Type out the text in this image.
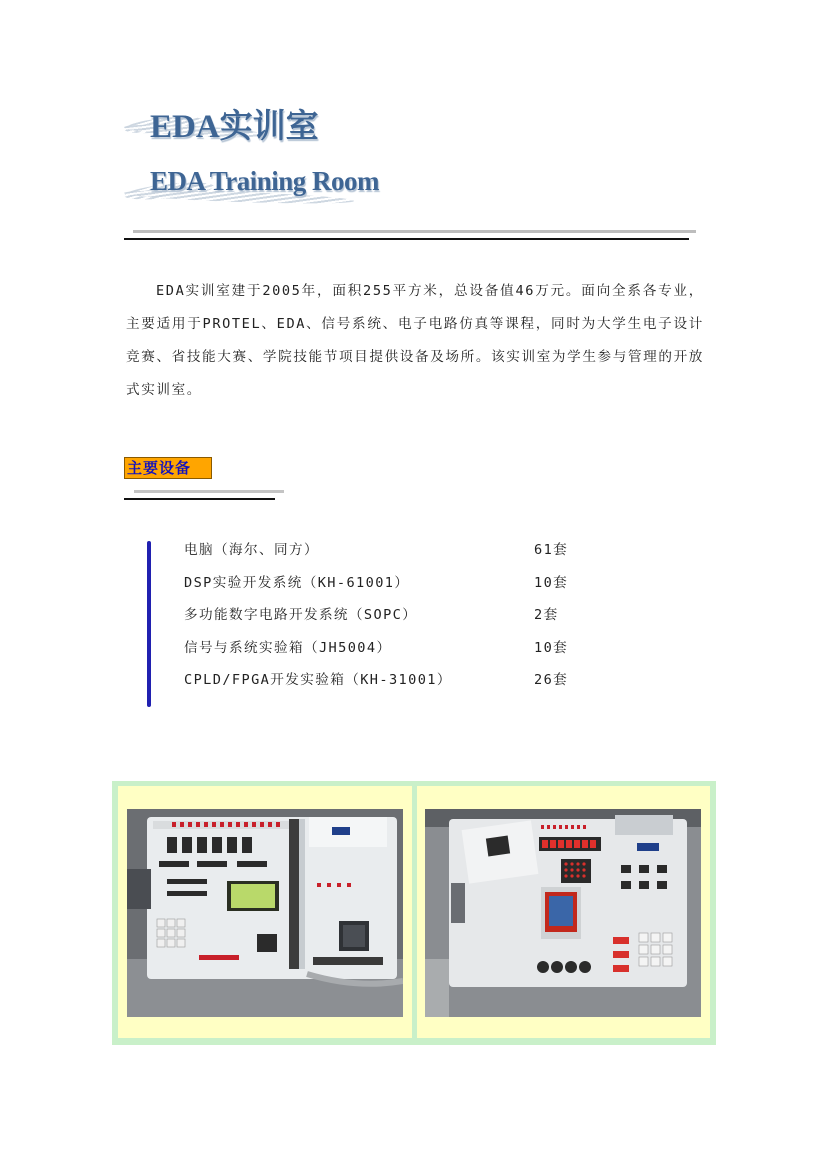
EDA实训室
EDA Training Room

EDA实训室建于2005年，面积255平方米，总设备值46万元。面向全系各专业，主要适用于PROTEL、EDA、信号系统、电子电路仿真等课程，同时为大学生电子设计竞赛、省技能大赛、学院技能节项目提供设备及场所。该实训室为学生参与管理的开放式实训室。

主要设备
电脑（海尔、同方）	61套
DSP实验开发系统（KH-61001）	10套
多功能数字电路开发系统（SOPC）	2套
信号与系统实验箱（JH5004）	10套
CPLD/FPGA开发实验箱（KH-31001）	26套
